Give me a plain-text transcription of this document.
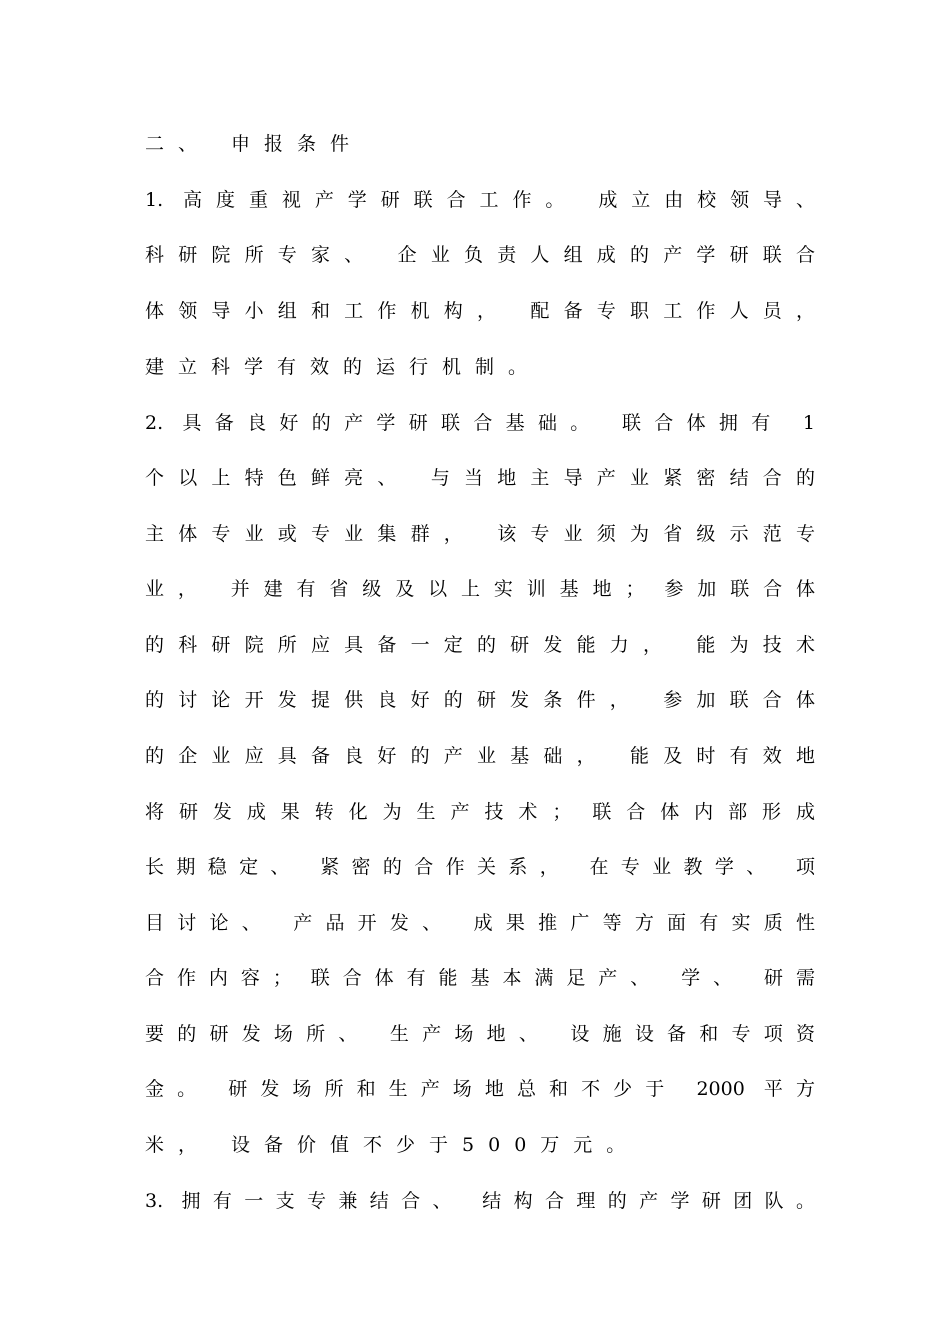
二、 申报条件
1. 高度重视产学研联合工作。 成立由校领导、
科研院所专家、 企业负责人组成的产学研联合
体领导小组和工作机构， 配备专职工作人员，
建立科学有效的运行机制。
2. 具备良好的产学研联合基础。 联合体拥有 1
个以上特色鲜亮、 与当地主导产业紧密结合的
主体专业或专业集群， 该专业须为省级示范专
业， 并建有省级及以上实训基地； 参加联合体
的科研院所应具备一定的研发能力， 能为技术
的讨论开发提供良好的研发条件， 参加联合体
的企业应具备良好的产业基础， 能及时有效地
将研发成果转化为生产技术； 联合体内部形成
长期稳定、 紧密的合作关系， 在专业教学、 项
目讨论、 产品开发、 成果推广等方面有实质性
合作内容； 联合体有能基本满足产、 学、 研需
要的研发场所、 生产场地、 设施设备和专项资
金。 研发场所和生产场地总和不少于 2000 平方
米， 设备价值不少于500万元。
3. 拥有一支专兼结合、 结构合理的产学研团队。
